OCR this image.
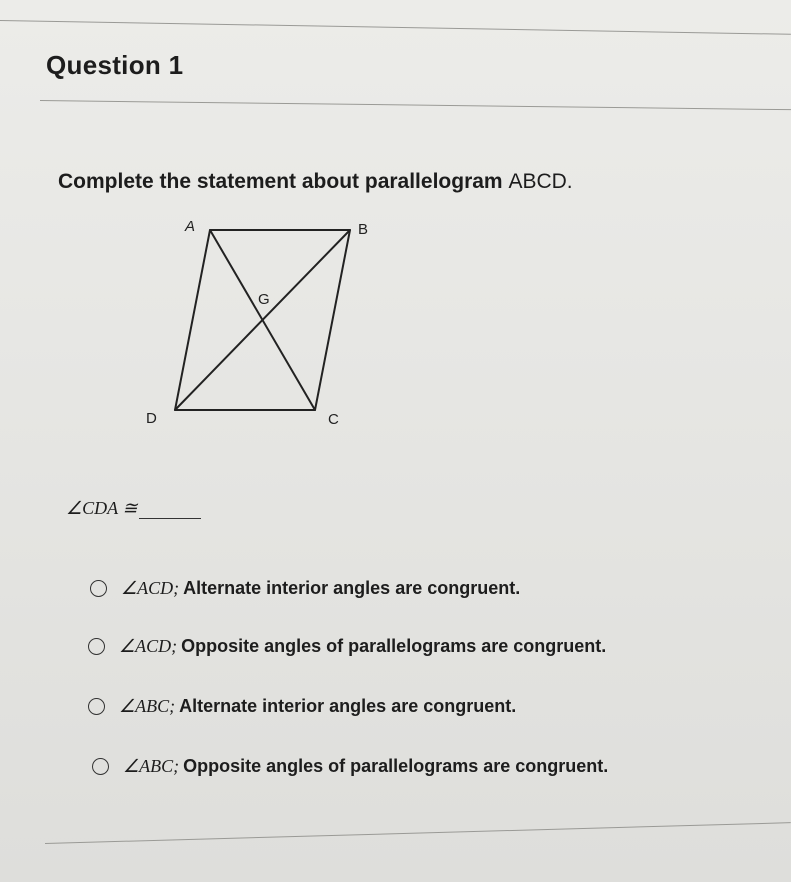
Question 1
Complete the statement about parallelogram ABCD.
A	B
G
D	C
∠CDA ≅
∠ACD; Alternate interior angles are congruent.
∠ACD; Opposite angles of parallelograms are congruent.
∠ABC; Alternate interior angles are congruent.
∠ABC; Opposite angles of parallelograms are congruent.
